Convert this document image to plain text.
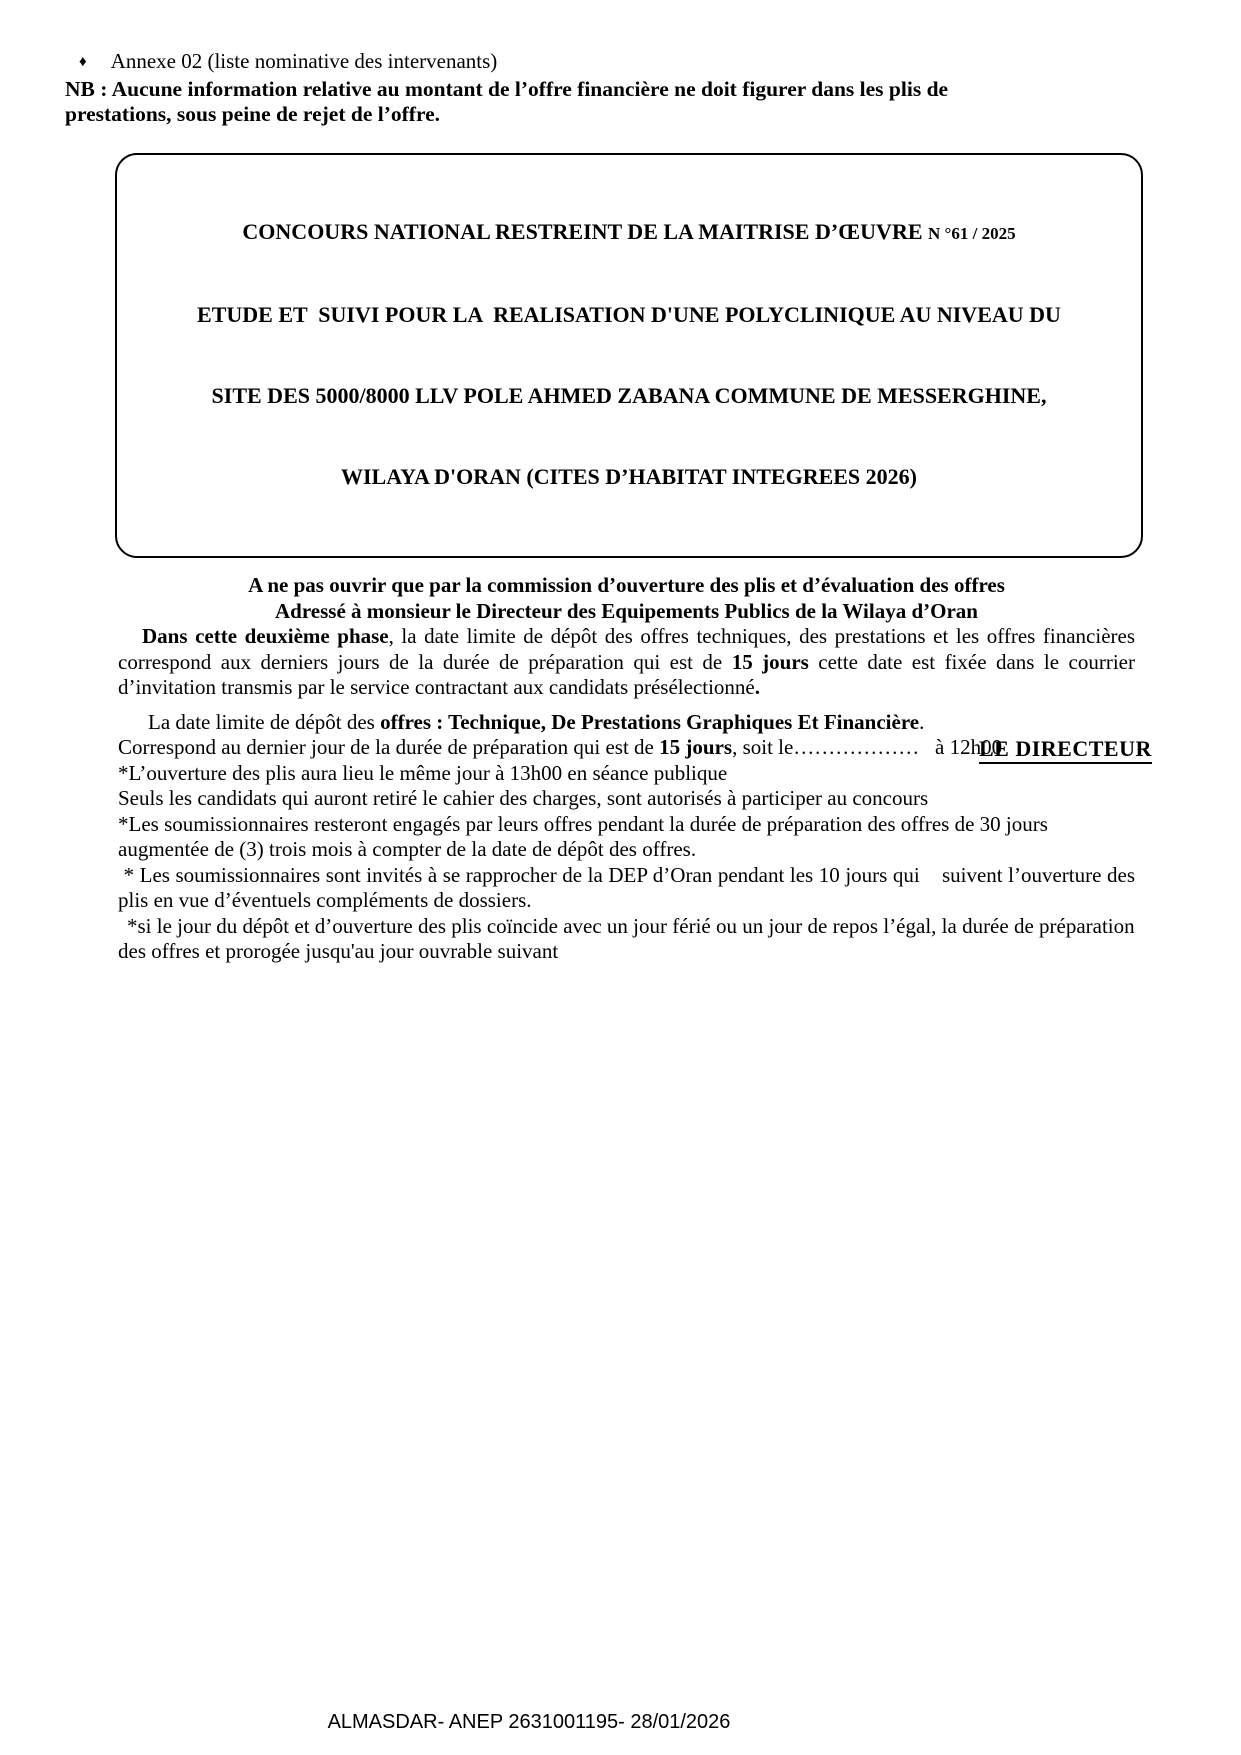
♦ Annexe 02 (liste nominative des intervenants)

NB : Aucune information relative au montant de l’offre financière ne doit figurer dans les plis de prestations, sous peine de rejet de l’offre.

CONCOURS NATIONAL RESTREINT DE LA MAITRISE D’ŒUVRE N °61 / 2025

ETUDE ET  SUIVI POUR LA  REALISATION D'UNE POLYCLINIQUE AU NIVEAU DU

SITE DES 5000/8000 LLV POLE AHMED ZABANA COMMUNE DE MESSERGHINE,

WILAYA D'ORAN (CITES D’HABITAT INTEGREES 2026)

A ne pas ouvrir que par la commission d’ouverture des plis et d’évaluation des offres

Adressé à monsieur le Directeur des Equipements Publics de la Wilaya d’Oran

Dans cette deuxième phase, la date limite de dépôt des offres techniques, des prestations et les offres financières correspond aux derniers jours de la durée de préparation qui est de 15 jours cette date est fixée dans le courrier d’invitation transmis par le service contractant aux candidats présélectionné.

La date limite de dépôt des offres : Technique, De Prestations Graphiques Et Financière.

Correspond au dernier jour de la durée de préparation qui est de 15 jours, soit le………………   à 12h00

*L’ouverture des plis aura lieu le même jour à 13h00 en séance publique

Seuls les candidats qui auront retiré le cahier des charges, sont autorisés à participer au concours

*Les soumissionnaires resteront engagés par leurs offres pendant la durée de préparation des offres de 30 jours augmentée de (3) trois mois à compter de la date de dépôt des offres.

* Les soumissionnaires sont invités à se rapprocher de la DEP d’Oran pendant les 10 jours qui    suivent l’ouverture des plis en vue d’éventuels compléments de dossiers.

*si le jour du dépôt et d’ouverture des plis coïncide avec un jour férié ou un jour de repos l’égal, la durée de préparation des offres et prorogée jusqu'au jour ouvrable suivant

LE DIRECTEUR
ALMASDAR- ANEP 2631001195- 28/01/2026
